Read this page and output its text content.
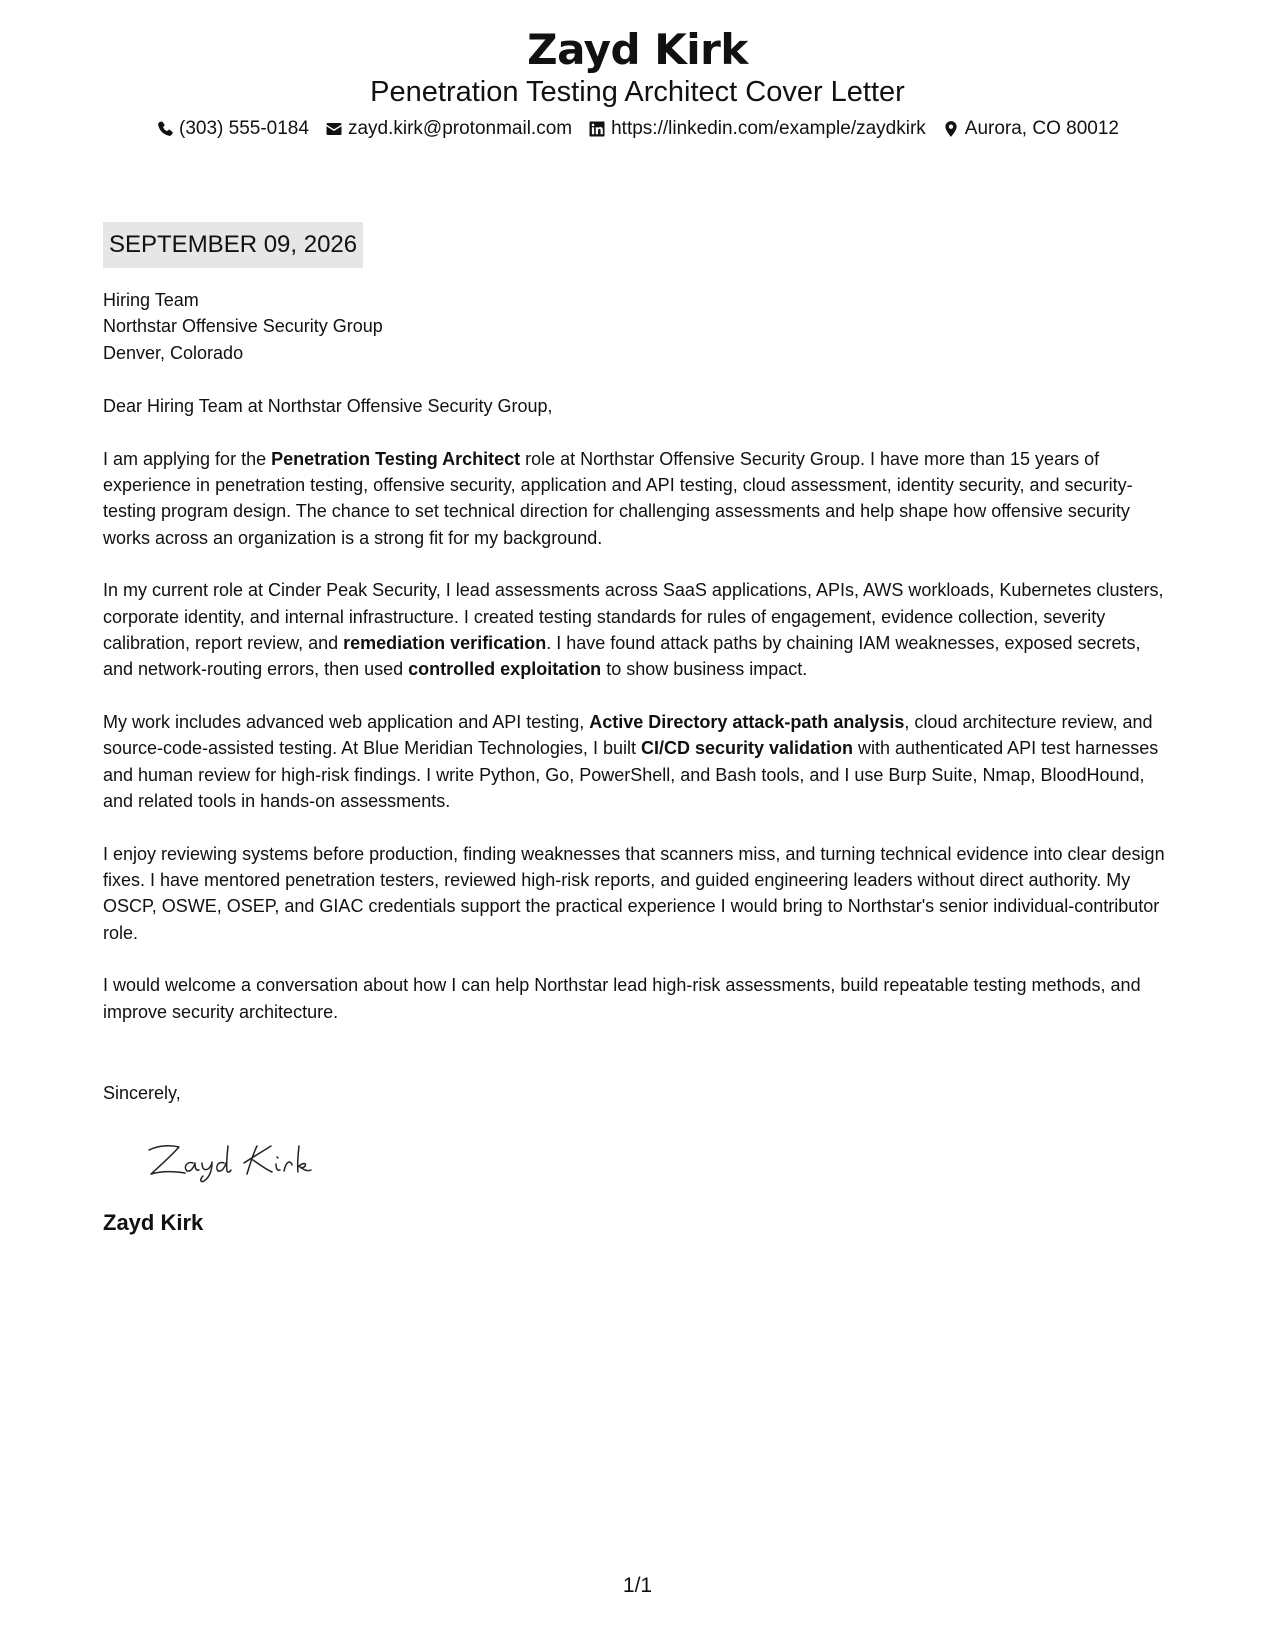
Zayd Kirk
Penetration Testing Architect Cover Letter
(303) 555-0184 zayd.kirk@protonmail.com https://linkedin.com/example/zaydkirk Aurora, CO 80012
SEPTEMBER 09, 2026
Hiring Team
Northstar Offensive Security Group
Denver, Colorado
Dear Hiring Team at Northstar Offensive Security Group,
I am applying for the Penetration Testing Architect role at Northstar Offensive Security Group. I have more than 15 years of experience in penetration testing, offensive security, application and API testing, cloud assessment, identity security, and security-testing program design. The chance to set technical direction for challenging assessments and help shape how offensive security works across an organization is a strong fit for my background.
In my current role at Cinder Peak Security, I lead assessments across SaaS applications, APIs, AWS workloads, Kubernetes clusters, corporate identity, and internal infrastructure. I created testing standards for rules of engagement, evidence collection, severity calibration, report review, and remediation verification. I have found attack paths by chaining IAM weaknesses, exposed secrets, and network-routing errors, then used controlled exploitation to show business impact.
My work includes advanced web application and API testing, Active Directory attack-path analysis, cloud architecture review, and source-code-assisted testing. At Blue Meridian Technologies, I built CI/CD security validation with authenticated API test harnesses and human review for high-risk findings. I write Python, Go, PowerShell, and Bash tools, and I use Burp Suite, Nmap, BloodHound, and related tools in hands-on assessments.
I enjoy reviewing systems before production, finding weaknesses that scanners miss, and turning technical evidence into clear design fixes. I have mentored penetration testers, reviewed high-risk reports, and guided engineering leaders without direct authority. My OSCP, OSWE, OSEP, and GIAC credentials support the practical experience I would bring to Northstar's senior individual-contributor role.
I would welcome a conversation about how I can help Northstar lead high-risk assessments, build repeatable testing methods, and improve security architecture.
Sincerely,
Zayd Kirk
1/1
